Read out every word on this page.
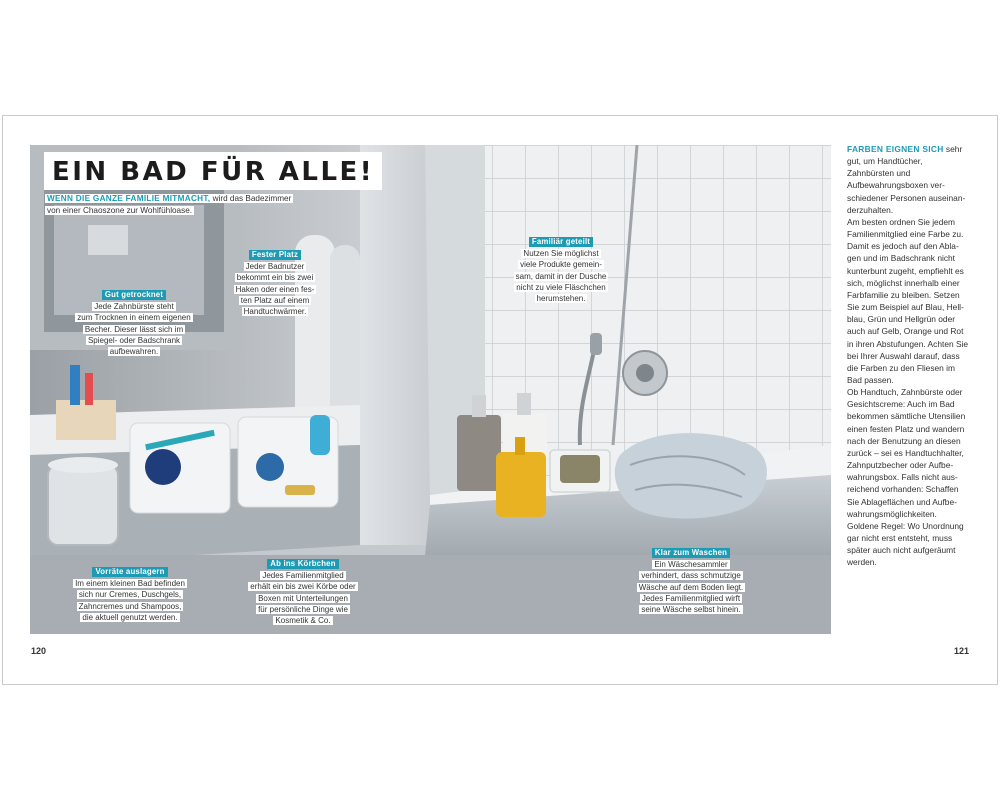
EIN BAD FÜR ALLE!
WENN DIE GANZE FAMILIE MITMACHT, wird das Badezimmer
von einer Chaoszone zur Wohlfühloase.
Fester Platz
Jeder Badnutzer
bekommt ein bis zwei
Haken oder einen fes-
ten Platz auf einem
Handtuchwärmer.
Gut getrocknet
Jede Zahnbürste steht
zum Trocknen in einem eigenen
Becher. Dieser lässt sich im
Spiegel- oder Badschrank
aufbewahren.
Familiär geteilt
Nutzen Sie möglichst
viele Produkte gemein-
sam, damit in der Dusche
nicht zu viele Fläschchen
herumstehen.
Vorräte auslagern
Im einem kleinen Bad befinden
sich nur Cremes, Duschgels,
Zahncremes und Shampoos,
die aktuell genutzt werden.
Ab ins Körbchen
Jedes Familienmitglied
erhält ein bis zwei Körbe oder
Boxen mit Unterteilungen
für persönliche Dinge wie
Kosmetik & Co.
Klar zum Waschen
Ein Wäschesammler
verhindert, dass schmutzige
Wäsche auf dem Boden liegt.
Jedes Familienmitglied wirft
seine Wäsche selbst hinein.

FARBEN EIGNEN SICH sehr gut, um Handtücher, Zahnbürsten und Aufbewahrungsboxen ver- schiedener Personen auseinan- derzuhalten.

Am besten ordnen Sie jedem Familienmitglied eine Farbe zu. Damit es jedoch auf den Abla- gen und im Badschrank nicht kunterbunt zugeht, empfiehlt es sich, möglichst innerhalb einer Farbfamilie zu bleiben. Setzen Sie zum Beispiel auf Blau, Hell- blau, Grün und Hellgrün oder auch auf Gelb, Orange und Rot in ihren Abstufungen. Achten Sie bei Ihrer Auswahl darauf, dass die Farben zu den Fliesen im Bad passen.

Ob Handtuch, Zahnbürste oder Gesichtscreme: Auch im Bad bekommen sämtliche Utensilien einen festen Platz und wandern nach der Benutzung an diesen zurück – sei es Handtuchhalter, Zahnputzbecher oder Aufbe- wahrungsbox. Falls nicht aus- reichend vorhanden: Schaffen Sie Ablageflächen und Aufbe- wahrungsmöglichkeiten.

Goldene Regel: Wo Unordnung gar nicht erst entsteht, muss später auch nicht aufgeräumt werden.

120	121
